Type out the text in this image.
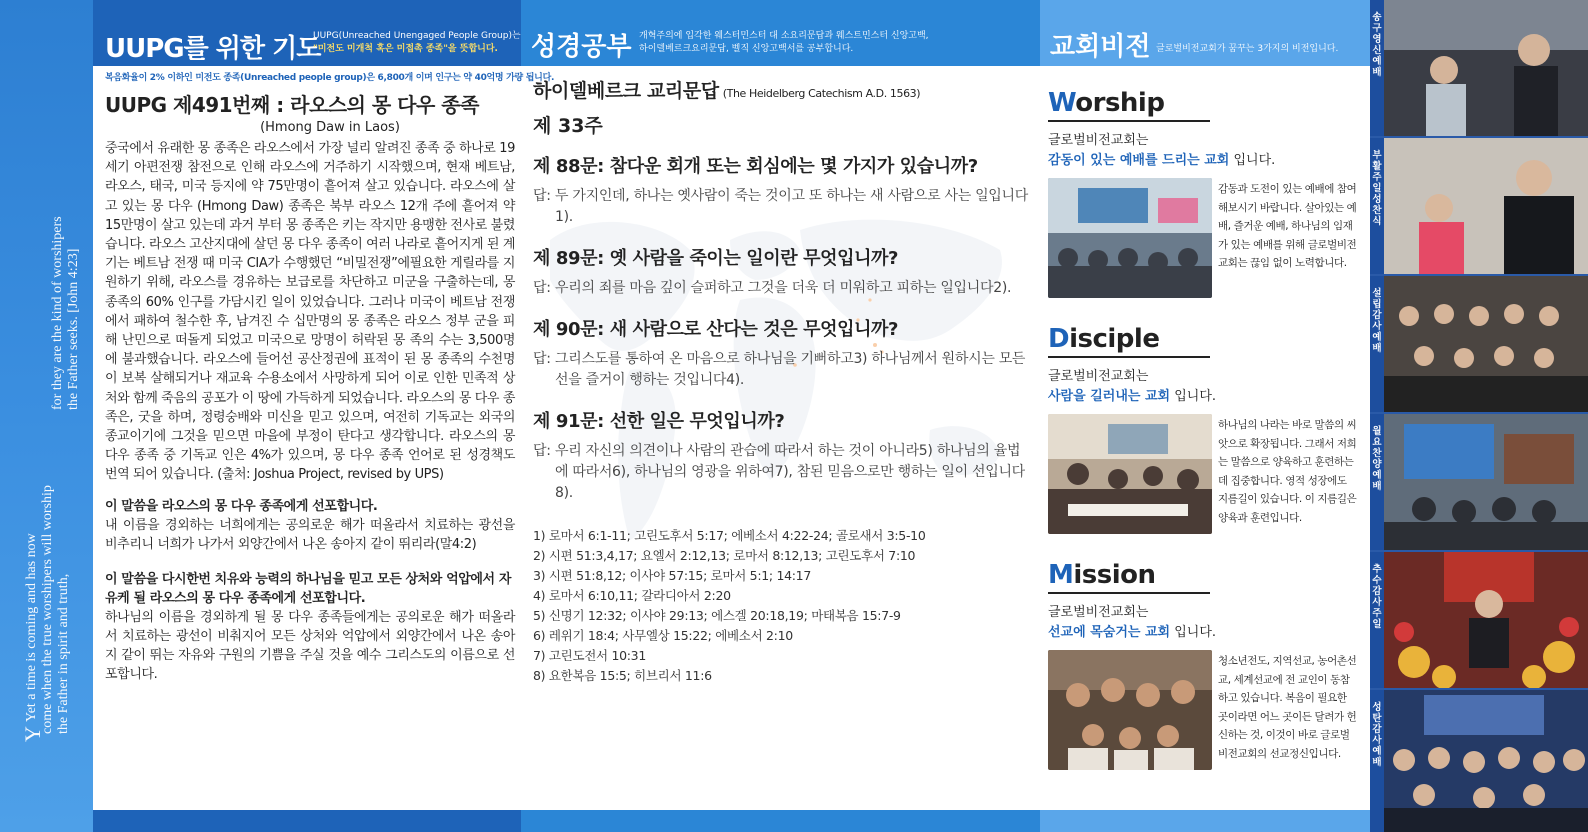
Y
Yet a time is coming and has now come when the true worshipers will worship the Father in spirit and truth,
for they are the kind of worshipers the Father seeks. [John 4:23]
UUPG를 위한 기도
UUPG(Unreached Unengaged People Group)는
"미전도 미개척 혹은 미접촉 종족"을 뜻합니다. 성경공부 개혁주의에 입각한 웨스터민스터 대 소요리문답과 웨스트민스터 신앙고백,
하이델베르크요리문답, 벨직 신앙고백서를 공부합니다.	교회비전 글로벌비전교회가 꿈꾸는 3가지의 비전입니다.
복음화율이 2% 이하인 미전도 종족(Unreached people group)은 6,800개 이며 인구는 약 40억명 가량 됩니다.
UUPG 제491번째 : 라오스의 몽 다우 종족
(Hmong Daw in Laos)
중국에서 유래한 몽 종족은 라오스에서 가장 널리 알려진 종족 중 하나로 19세기 아편전쟁 참전으로 인해 라오스에 거주하기 시작했으며, 현재 베트남, 라오스, 태국, 미국 등지에 약 75만명이 흩어져 살고 있습니다. 라오스에 살고 있는 몽 다우 (Hmong Daw) 종족은 북부 라오스 12개 주에 흩어져 약 15만명이 살고 있는데 과거 부터 몽 종족은 키는 작지만 용맹한 전사로 불렸습니다. 라오스 고산지대에 살던 몽 다우 종족이 여러 나라로 흩어지게 된 계기는 베트남 전쟁 때 미국 CIA가 수행했던 “비밀전쟁”에필요한 게릴라를 지원하기 위해, 라오스를 경유하는 보급로를 차단하고 미군을 구출하는데, 몽 종족의 60% 인구를 가담시킨 일이 있었습니다. 그러나 미국이 베트남 전쟁에서 패하여 철수한 후, 남겨진 수 십만명의 몽 종족은 라오스 정부 군을 피해 난민으로 떠돌게 되었고 미국으로 망명이 허락된 몽 족의 수는 3,500명에 불과했습니다. 라오스에 들어선 공산정권에 표적이 된 몽 종족의 수천명이 보복 살해되거나 재교육 수용소에서 사망하게 되어 이로 인한 민족적 상처와 함께 죽음의 공포가 이 땅에 가득하게 되었습니다. 라오스의 몽 다우 종족은, 굿을 하며, 정령숭배와 미신을 믿고 있으며, 여전히 기독교는 외국의 종교이기에 그것을 믿으면 마을에 부정이 탄다고 생각합니다. 라오스의 몽 다우 종족 중 기독교 인은 4%가 있으며, 몽 다우 종족 언어로 된 성경책도 번역 되어 있습니다. (출처: Joshua Project, revised by UPS)
이 말씀을 라오스의 몽 다우 종족에게 선포합니다.
내 이름을 경외하는 너희에게는 공의로운 해가 떠올라서 치료하는 광선을 비추리니 너희가 나가서 외양간에서 나온 송아지 같이 뛰리라(말4:2)
이 말씀을 다시한번 치유와 능력의 하나님을 믿고 모든 상처와 억압에서 자유케 될 라오스의 몽 다우 종족에게 선포합니다.
하나님의 이름을 경외하게 될 몽 다우 종족들에게는 공의로운 해가 떠올라서 치료하는 광선이 비춰지어 모든 상처와 억압에서 외양간에서 나온 송아지 같이 뛰는 자유와 구원의 기쁨을 주실 것을 예수 그리스도의 이름으로 선포합니다.
하이델베르크 교리문답 (The Heidelberg Catechism A.D. 1563)
제 33주
제 88문: 참다운 회개 또는 회심에는 몇 가지가 있습니까?
답: 두 가지인데, 하나는 옛사람이 죽는 것이고 또 하나는 새 사람으로 사는 일입니다1).
제 89문: 옛 사람을 죽이는 일이란 무엇입니까?
답: 우리의 죄를 마음 깊이 슬퍼하고 그것을 더욱 더 미워하고 피하는 일입니다2).
제 90문: 새 사람으로 산다는 것은 무엇입니까?
답: 그리스도를 통하여 온 마음으로 하나님을 기뻐하고3) 하나님께서 원하시는 모든 선을 즐거이 행하는 것입니다4).
제 91문: 선한 일은 무엇입니까?
답: 우리 자신의 의견이나 사람의 관습에 따라서 하는 것이 아니라5) 하나님의 율법에 따라서6), 하나님의 영광을 위하여7), 참된 믿음으로만 행하는 일이 선입니다8).
1) 로마서 6:1-11; 고린도후서 5:17; 에베소서 4:22-24; 골로새서 3:5-10
2) 시편 51:3,4,17; 요엘서 2:12,13; 로마서 8:12,13; 고린도후서 7:10
3) 시편 51:8,12; 이사야 57:15; 로마서 5:1; 14:17
4) 로마서 6:10,11; 갈라디아서 2:20
5) 신명기 12:32; 이사야 29:13; 에스겔 20:18,19; 마태복음 15:7-9
6) 레위기 18:4; 사무엘상 15:22; 에베소서 2:10
7) 고린도전서 10:31
8) 요한복음 15:5; 히브리서 11:6
Worship
글로벌비전교회는
감동이 있는 예배를 드리는 교회 입니다.
감동과 도전이 있는 예배에 참여해보시기 바랍니다. 살아있는 예배, 즐거운 예배, 하나님의 임재가 있는 예배를 위해 글로벌비전교회는 끊임 없이 노력합니다.
Disciple
글로벌비전교회는
사람을 길러내는 교회 입니다.
하나님의 나라는 바로 말씀의 씨앗으로 확장됩니다. 그래서 저희는 말씀으로 양육하고 훈련하는데 집중합니다. 영적 성장에도 지름길이 있습니다. 이 지름길은 양육과 훈련입니다.
Mission
글로벌비전교회는
선교에 목숨거는 교회 입니다.
청소년전도, 지역선교, 농어촌선교, 세계선교에 전 교인이 동참하고 있습니다. 복음이 필요한 곳이라면 어느 곳이든 달려가 헌신하는 것, 이것이 바로 글로벌비전교회의 선교정신입니다.
송구영신예배
부활주일성찬식
설립감사예배
월요찬양예배
추수감사주일
성탄감사예배
